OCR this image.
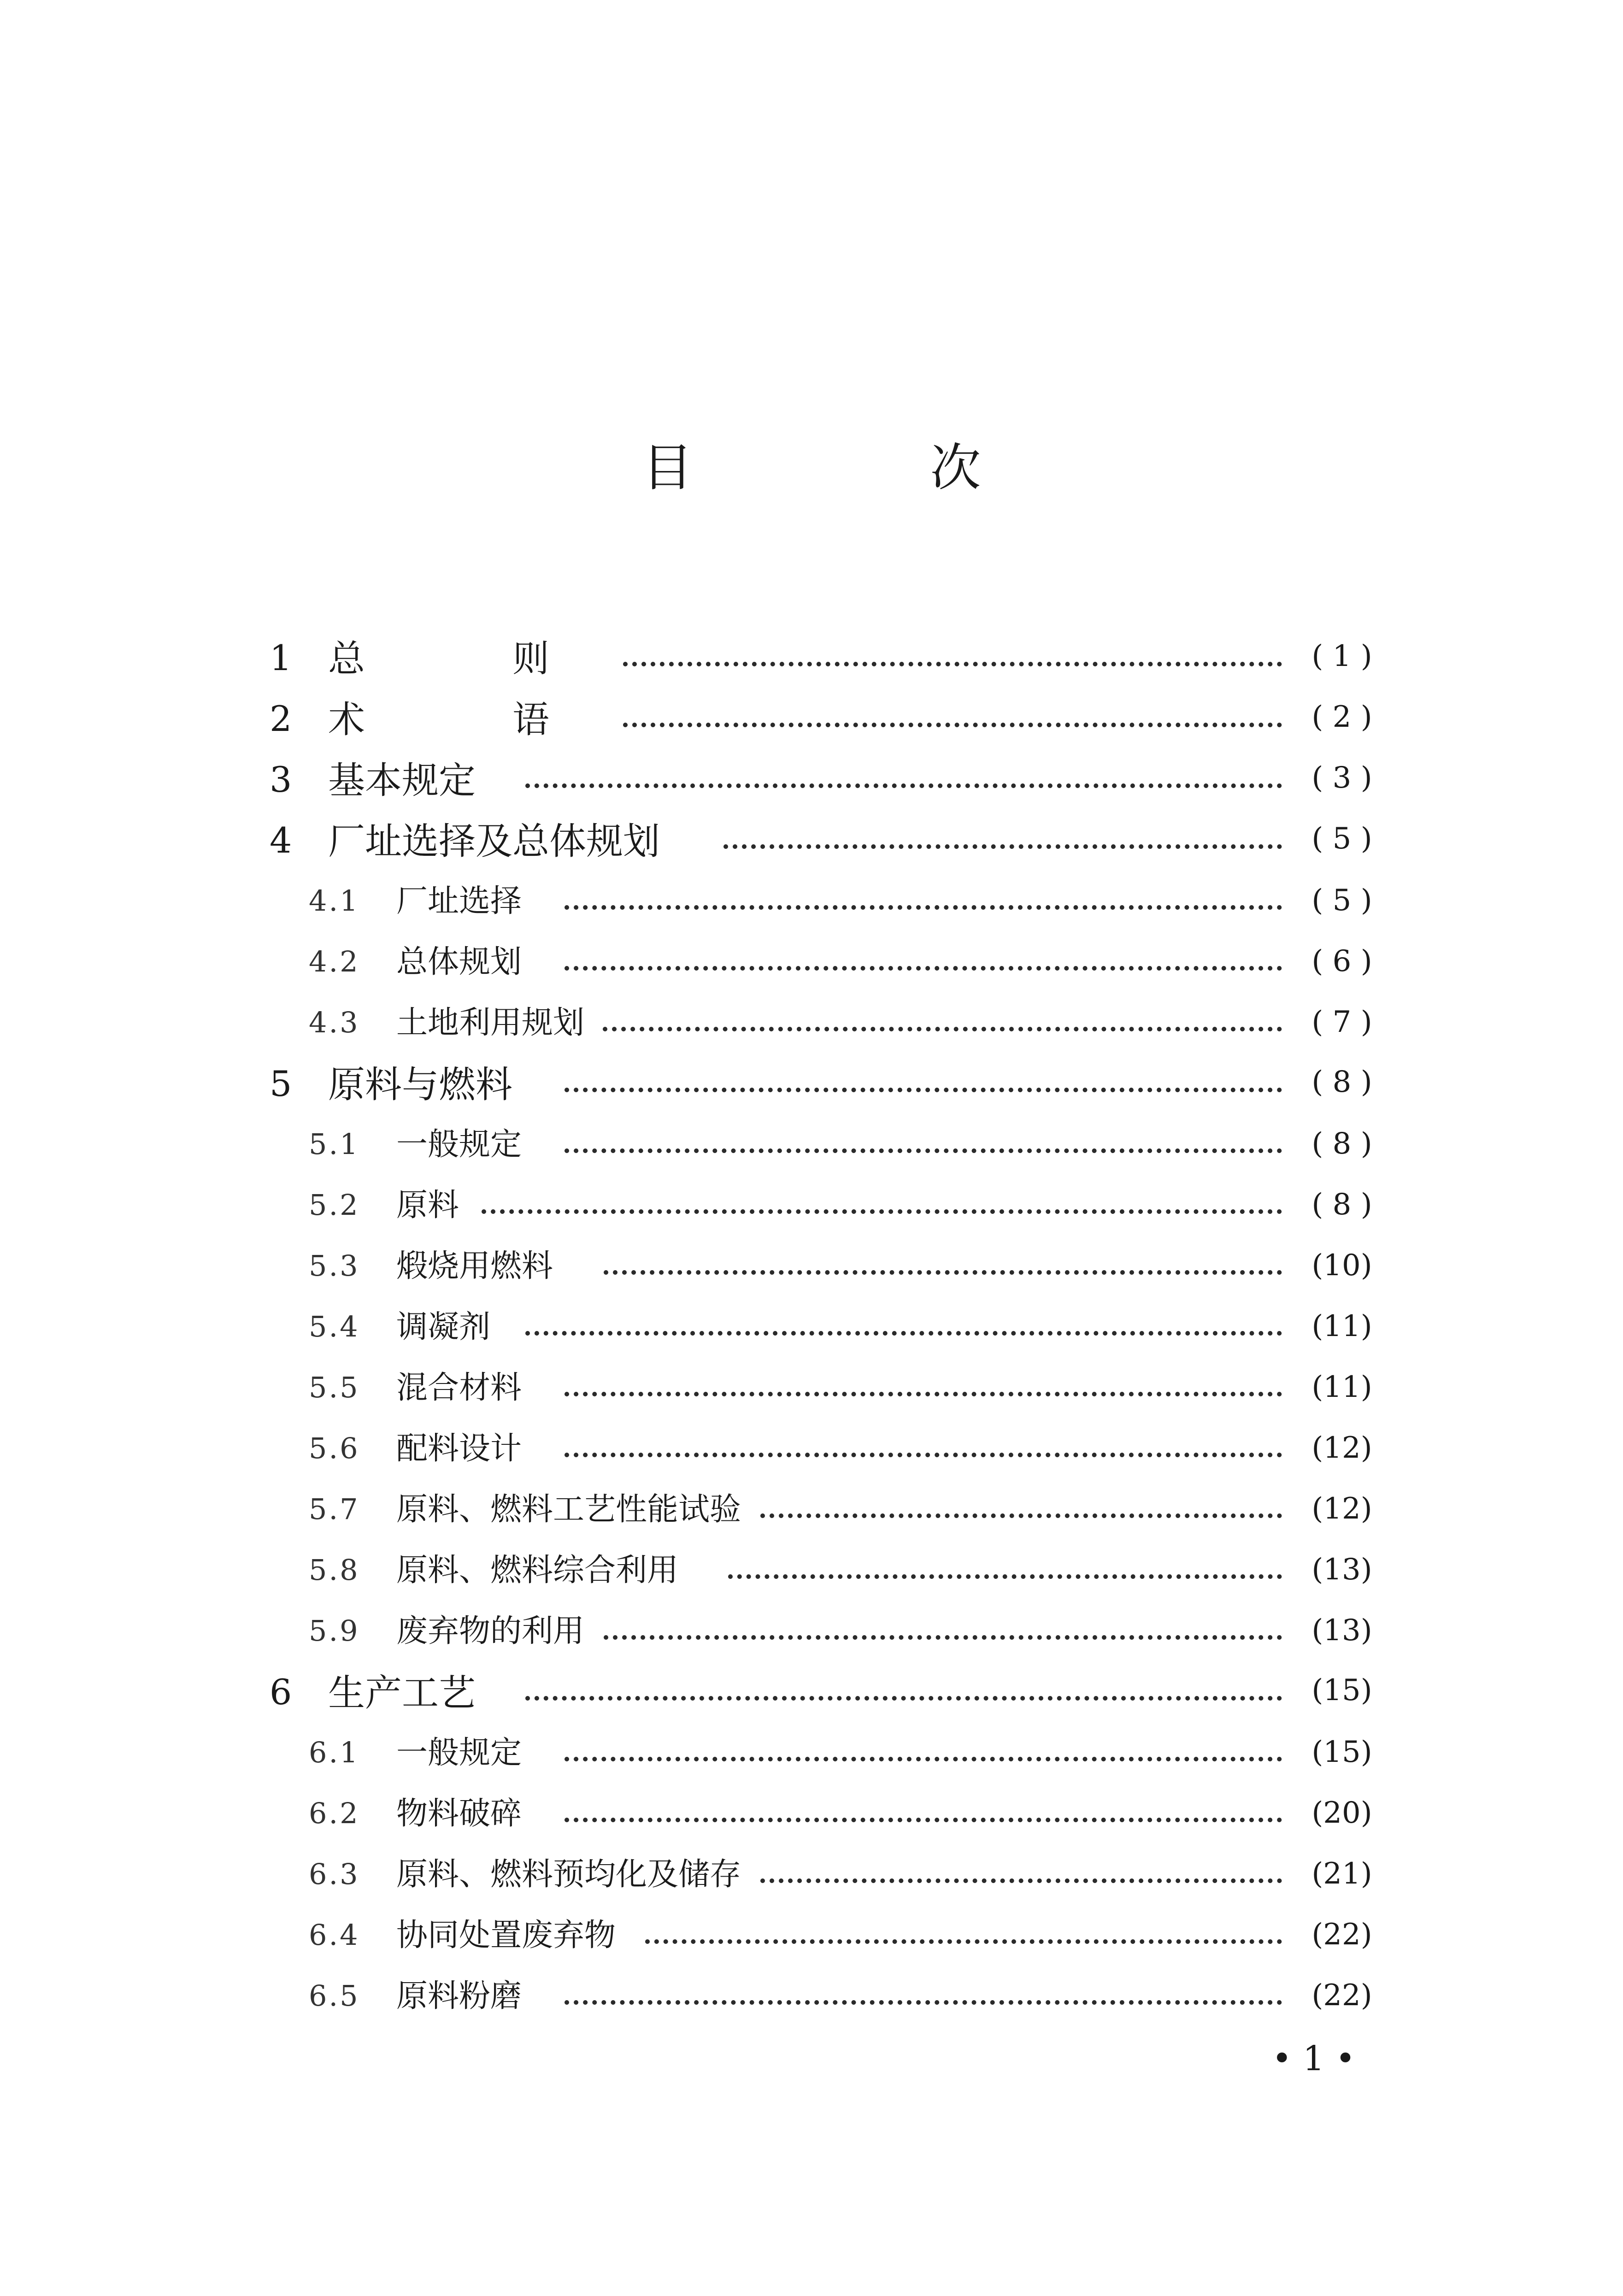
目 次
1 总　则	( 1 )
2 术　语	( 2 )
3 基本规定	( 3 )
4 厂址选择及总体规划	( 5 )
4.1 厂址选择	( 5 )
4.2 总体规划	( 6 )
4.3 土地利用规划	( 7 )
5 原料与燃料	( 8 )
5.1 一般规定	( 8 )
5.2 原料	( 8 )
5.3 煅烧用燃料	(10)
5.4 调凝剂	(11)
5.5 混合材料	(11)
5.6 配料设计	(12)
5.7 原料、燃料工艺性能试验	(12)
5.8 原料、燃料综合利用	(13)
5.9 废弃物的利用	(13)
6 生产工艺	(15)
6.1 一般规定	(15)
6.2 物料破碎	(20)
6.3 原料、燃料预均化及储存	(21)
6.4 协同处置废弃物	(22)
6.5 原料粉磨	(22)
• 1 •
